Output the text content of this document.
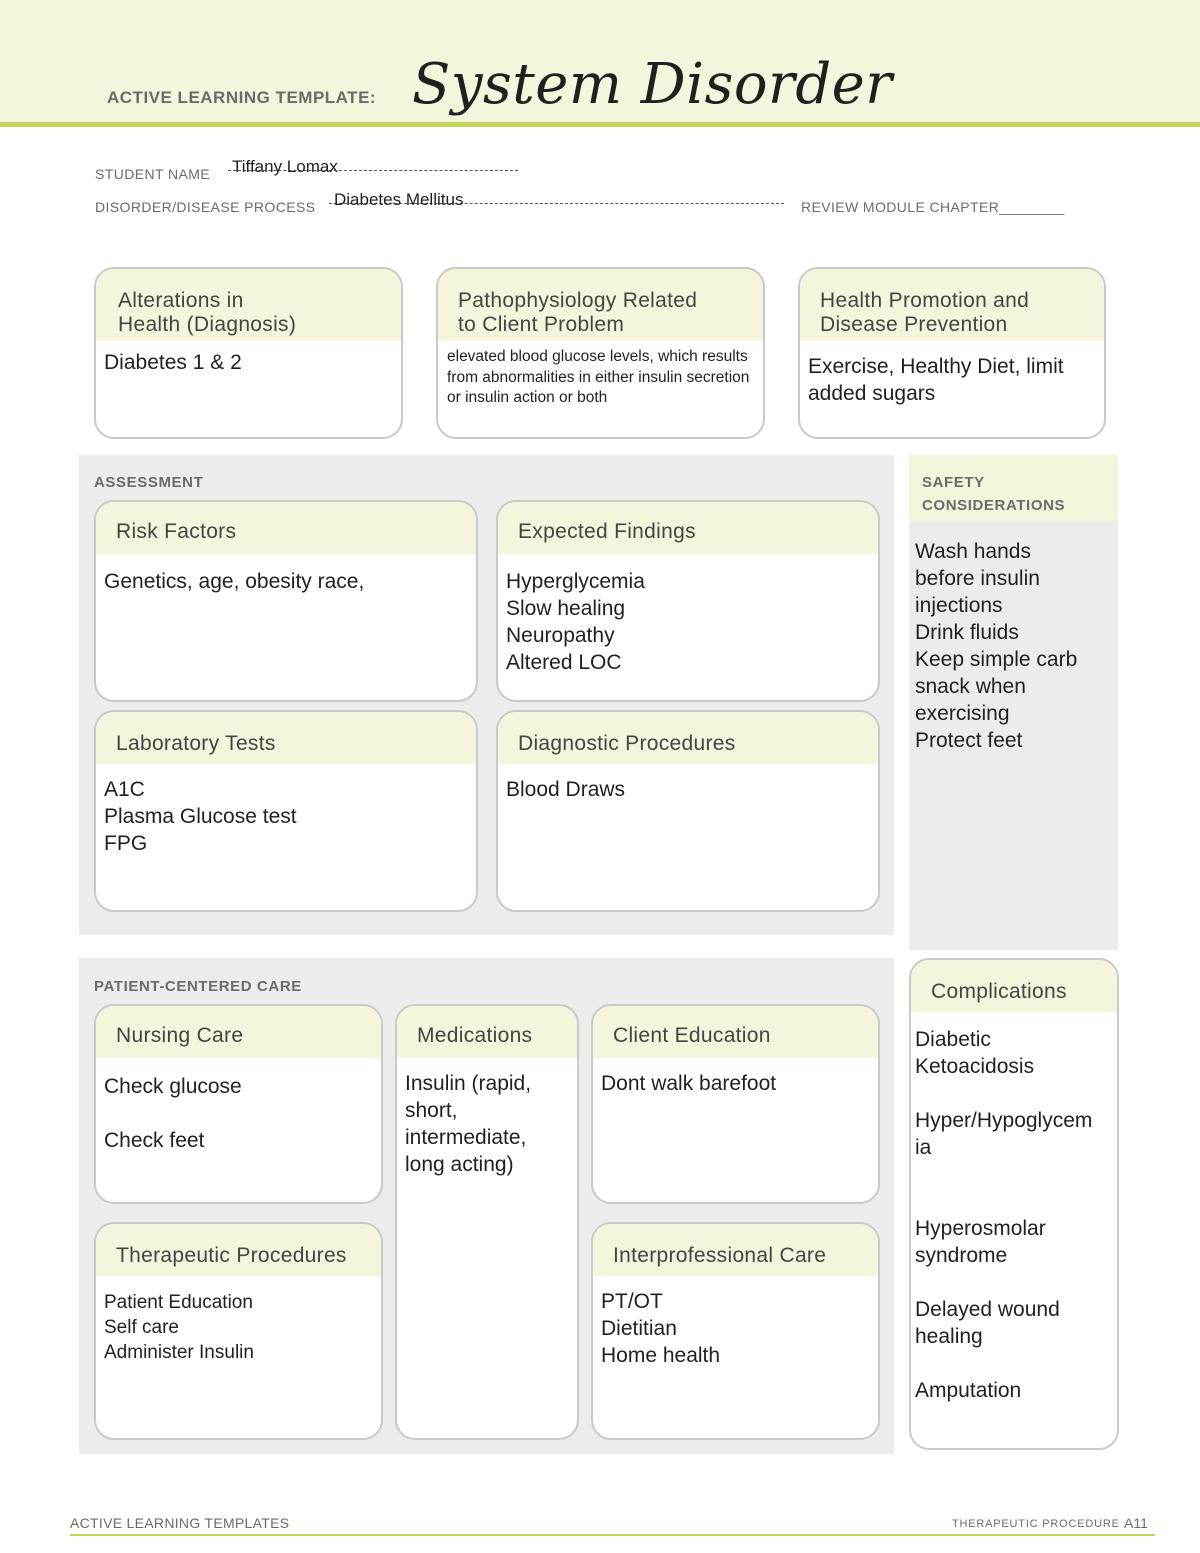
ACTIVE LEARNING TEMPLATE: System Disorder
STUDENT NAME Tiffany Lomax
DISORDER/DISEASE PROCESS Diabetes Mellitus	REVIEW MODULE CHAPTER________
Alterations in
Health (Diagnosis)
Diabetes 1 & 2
Pathophysiology Related
to Client Problem
elevated blood glucose levels, which results from abnormalities in either insulin secretion or insulin action or both
Health Promotion and
Disease Prevention
Exercise, Healthy Diet, limit added sugars
ASSESSMENT
Risk Factors
Genetics, age, obesity race,
Expected Findings
Hyperglycemia
Slow healing
Neuropathy
Altered LOC
Laboratory Tests
A1C
Plasma Glucose test
FPG
Diagnostic Procedures
Blood Draws
SAFETY
CONSIDERATIONS
Wash hands
before insulin
injections
Drink fluids
Keep simple carb
snack when
exercising
Protect feet
PATIENT-CENTERED CARE
Nursing Care
Check glucose

Check feet
Medications
Insulin (rapid,
short,
intermediate,
long acting)
Client Education
Dont walk barefoot
Therapeutic Procedures
Patient Education
Self care
Administer Insulin
Interprofessional Care
PT/OT
Dietitian
Home health
Complications
Diabetic
Ketoacidosis

Hyper/Hypoglycem
ia

Hyperosmolar
syndrome

Delayed wound
healing

Amputation
ACTIVE LEARNING TEMPLATES	THERAPEUTIC PROCEDURE A11
